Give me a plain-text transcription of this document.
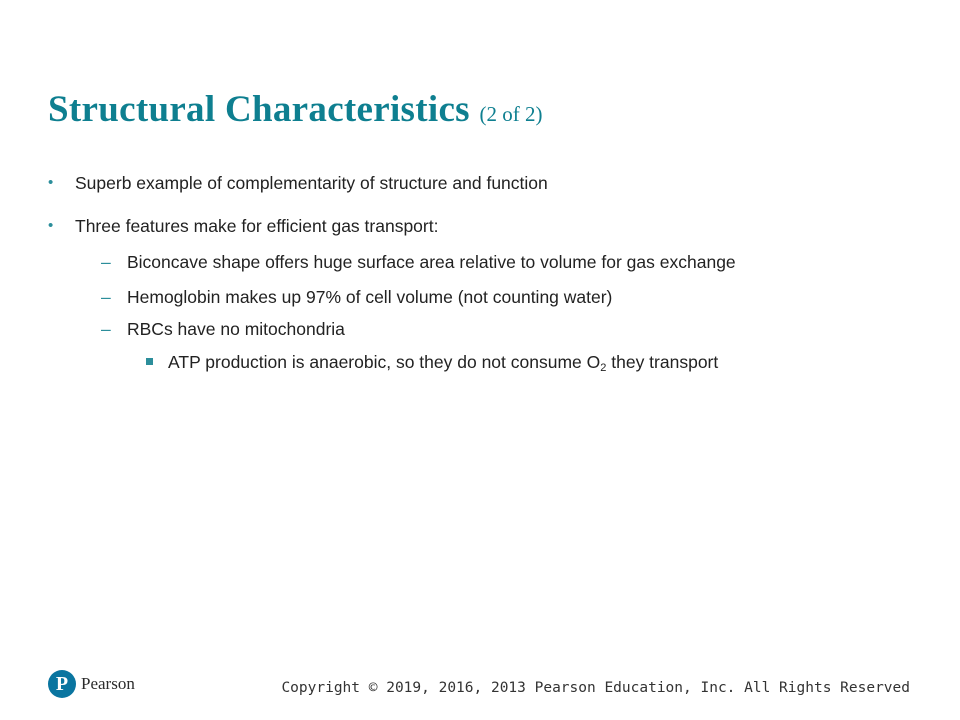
Structural Characteristics (2 of 2)
• Superb example of complementarity of structure and function
• Three features make for efficient gas transport:
– Biconcave shape offers huge surface area relative to volume for gas exchange
– Hemoglobin makes up 97% of cell volume (not counting water)
– RBCs have no mitochondria
ATP production is anaerobic, so they do not consume $O_2$ they transport
P Pearson	Copyright © 2019, 2016, 2013 Pearson Education, Inc. All Rights Reserved
